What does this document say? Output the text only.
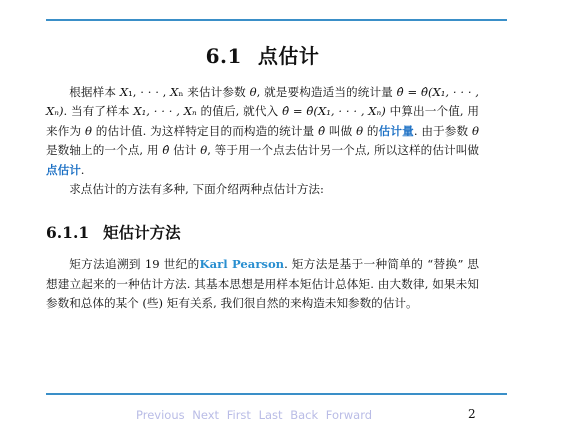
6.1 点估计

根据样本 X₁, · · · , Xₙ 来估计参数 θ, 就是要构造适当的统计量 θ̂ = θ̂(X₁, · · · , Xₙ). 当有了样本 X₁, · · · , Xₙ 的值后, 就代入 θ̂ = θ̂(X₁, · · · , Xₙ) 中算出一个值, 用来作为 θ 的估计值. 为这样特定目的而构造的统计量 θ̂ 叫做 θ 的估计量. 由于参数 θ 是数轴上的一个点, 用 θ̂ 估计 θ, 等于用一个点去估计另一个点, 所以这样的估计叫做点估计.

求点估计的方法有多种, 下面介绍两种点估计方法:

6.1.1 矩估计方法

矩方法追溯到 19 世纪的Karl Pearson. 矩方法是基于一种简单的 “替换” 思想建立起来的一种估计方法. 其基本思想是用样本矩估计总体矩. 由大数律, 如果未知参数和总体的某个 (些) 矩有关系, 我们很自然的来构造未知参数的估计。

Previous Next First Last Back Forward	2
